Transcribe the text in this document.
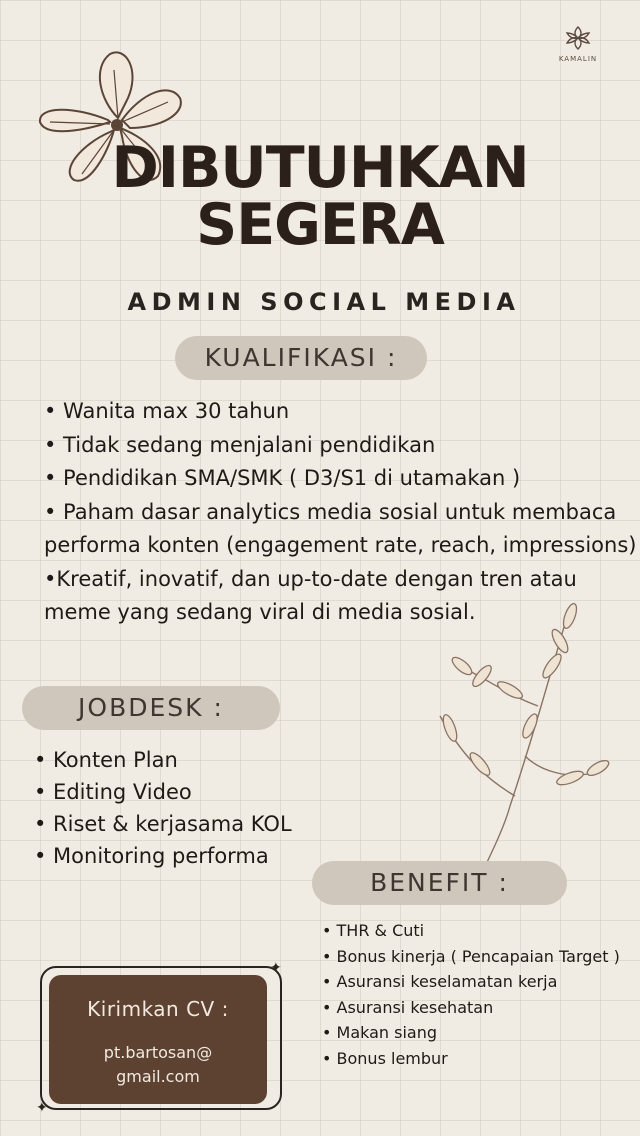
KAMALIN
DIBUTUHKAN
SEGERA
ADMIN SOCIAL MEDIA
KUALIFIKASI :
• Wanita max 30 tahun
• Tidak sedang menjalani pendidikan
• Pendidikan SMA/SMK ( D3/S1 di utamakan )
• Paham dasar analytics media sosial untuk membaca performa konten (engagement rate, reach, impressions)
•Kreatif, inovatif, dan up-to-date dengan tren atau meme yang sedang viral di media sosial.
JOBDESK :
• Konten Plan
• Editing Video
• Riset & kerjasama KOL
• Monitoring performa
BENEFIT :
• THR & Cuti
• Bonus kinerja ( Pencapaian Target )
• Asuransi keselamatan kerja
• Asuransi kesehatan
• Makan siang
• Bonus lembur
✦
✦
Kirimkan CV :
pt.bartosan@
gmail.com
